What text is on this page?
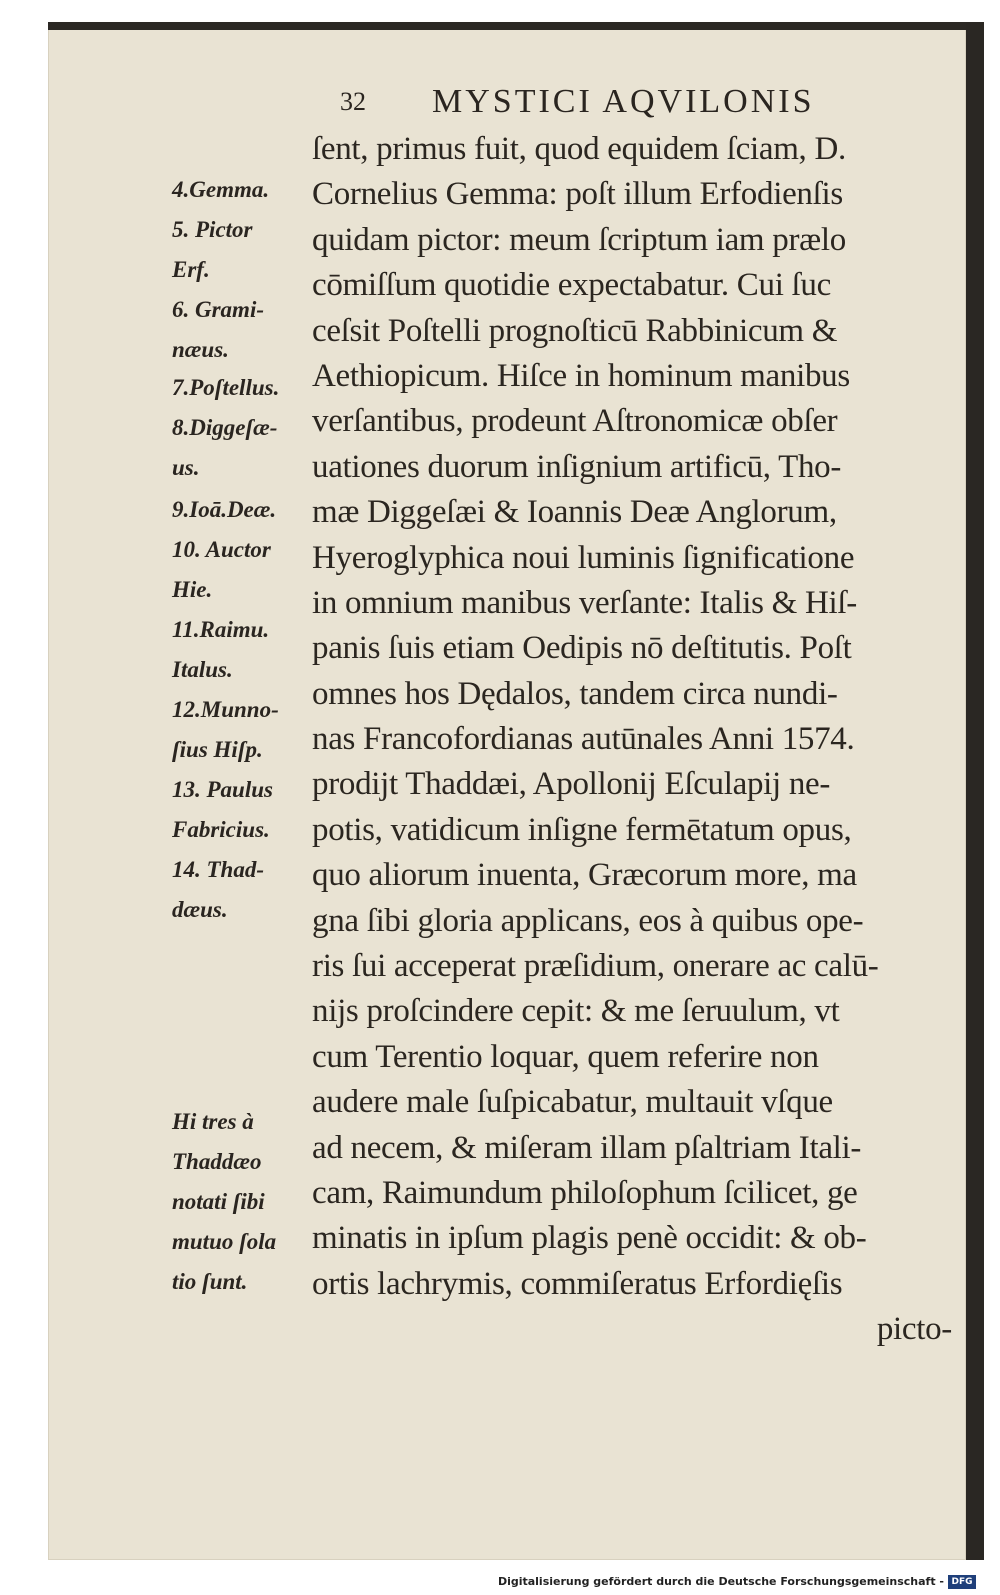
32 MYSTICI AQVILONIS
ſent, primus fuit, quod equidem ſciam, D.
Cornelius Gemma: poſt illum Erfodienſis
quidam pictor: meum ſcriptum iam prælo
cōmiſſum quotidie expectabatur. Cui ſuc
ceſsit Poſtelli prognoſticū Rabbinicum &
Aethiopicum. Hiſce in hominum manibus
verſantibus, prodeunt Aſtronomicæ obſer
uationes duorum inſignium artificū, Tho-
mæ Diggeſæi & Ioannis Deæ Anglorum,
Hyeroglyphica noui luminis ſignificatione
in omnium manibus verſante: Italis & Hiſ-
panis ſuis etiam Oedipis nō deſtitutis. Poſt
omnes hos Dędalos, tandem circa nundi-
nas Francofordianas autūnales Anni 1574.
prodijt Thaddæi, Apollonij Eſculapij ne-
potis, vatidicum inſigne fermētatum opus,
quo aliorum inuenta, Græcorum more, ma
gna ſibi gloria applicans, eos à quibus ope-
ris ſui acceperat præſidium, onerare ac calū-
nijs proſcindere cepit: & me ſeruulum, vt
cum Terentio loquar, quem referire non
audere male ſuſpicabatur, multauit vſque
ad necem, & miſeram illam pſaltriam Itali-
cam, Raimundum philoſophum ſcilicet, ge
minatis in ipſum plagis penè occidit: & ob-
ortis lachrymis, commiſeratus Erfordięſis
picto-
4.Gemma.
5. Pictor
Erf.
6. Grami-
næus.
7.Poſtellus.
8.Diggeſæ-
us.
9.Ioā.Deæ.
10. Auctor
Hie.
11.Raimu.
Italus.
12.Munno-
ſius Hiſp.
13. Paulus
Fabricius.
14. Thad-
dæus.
Hi tres à
Thaddæo
notati ſibi
mutuo ſola
tio ſunt.
Digitalisierung gefördert durch die Deutsche Forschungsgemeinschaft - DFG
